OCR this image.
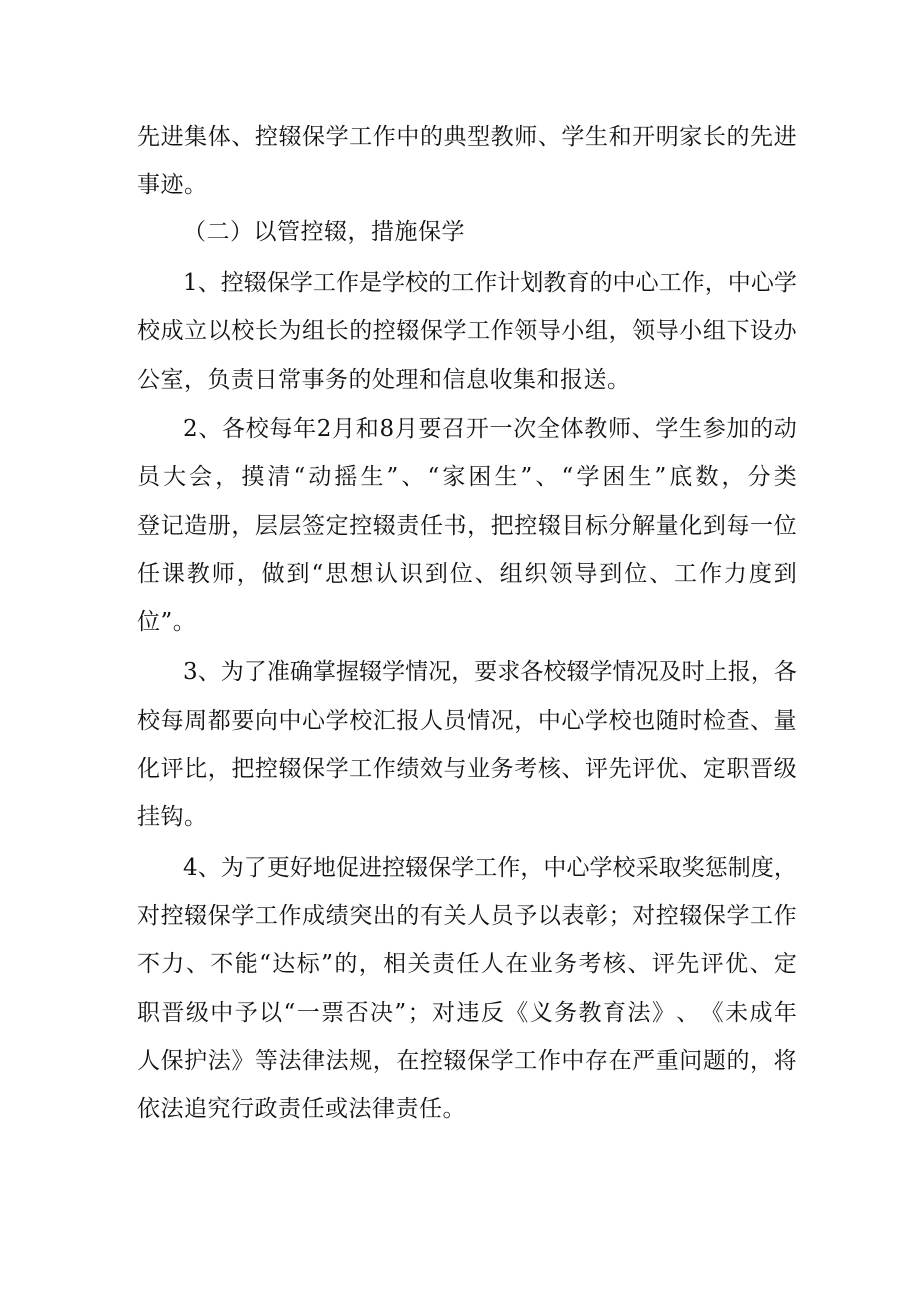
先 进 集 体 、 控 辍 保 学 工 作 中 的 典 型 教 师 、 学 生 和 开 明 家 长 的 先 进
事迹。
（二）以管控辍，措施保学
1 、 控 辍 保 学 工 作 是 学 校 的 工 作 计 划 教 育 的 中 心 工 作 ， 中 心 学
校 成 立 以 校 长 为 组 长 的 控 辍 保 学 工 作 领 导 小 组 ， 领 导 小 组 下 设 办
公室，负责日常事务的处理和信息收集和报送。
2 、 各 校 每 年 2 月 和 8 月 要 召 开 一 次 全 体 教 师 、 学 生 参 加 的 动
员 大 会 ， 摸 清 “ 动 摇 生 ” 、 “ 家 困 生 ” 、 “ 学 困 生 ” 底 数 ， 分 类
登 记 造 册 ， 层 层 签 定 控 辍 责 任 书 ， 把 控 辍 目 标 分 解 量 化 到 每 一 位
任 课 教 师 ， 做 到 “ 思 想 认 识 到 位 、 组 织 领 导 到 位 、 工 作 力 度 到
位”。
3 、 为 了 准 确 掌 握 辍 学 情 况 ， 要 求 各 校 辍 学 情 况 及 时 上 报 ， 各
校 每 周 都 要 向 中 心 学 校 汇 报 人 员 情 况 ， 中 心 学 校 也 随 时 检 查 、 量
化 评 比 ， 把 控 辍 保 学 工 作 绩 效 与 业 务 考 核 、 评 先 评 优 、 定 职 晋 级
挂钩。
4 、 为 了 更 好 地 促 进 控 辍 保 学 工 作 ， 中 心 学 校 采 取 奖 惩 制 度 ，
对 控 辍 保 学 工 作 成 绩 突 出 的 有 关 人 员 予 以 表 彰 ； 对 控 辍 保 学 工 作
不 力 、 不 能 “ 达 标 ” 的 ， 相 关 责 任 人 在 业 务 考 核 、 评 先 评 优 、 定
职 晋 级 中 予 以 “ 一 票 否 决 ” ； 对 违 反 《 义 务 教 育 法 》 、 《 未 成 年
人 保 护 法 》 等 法 律 法 规 ， 在 控 辍 保 学 工 作 中 存 在 严 重 问 题 的 ， 将
依法追究行政责任或法律责任。
